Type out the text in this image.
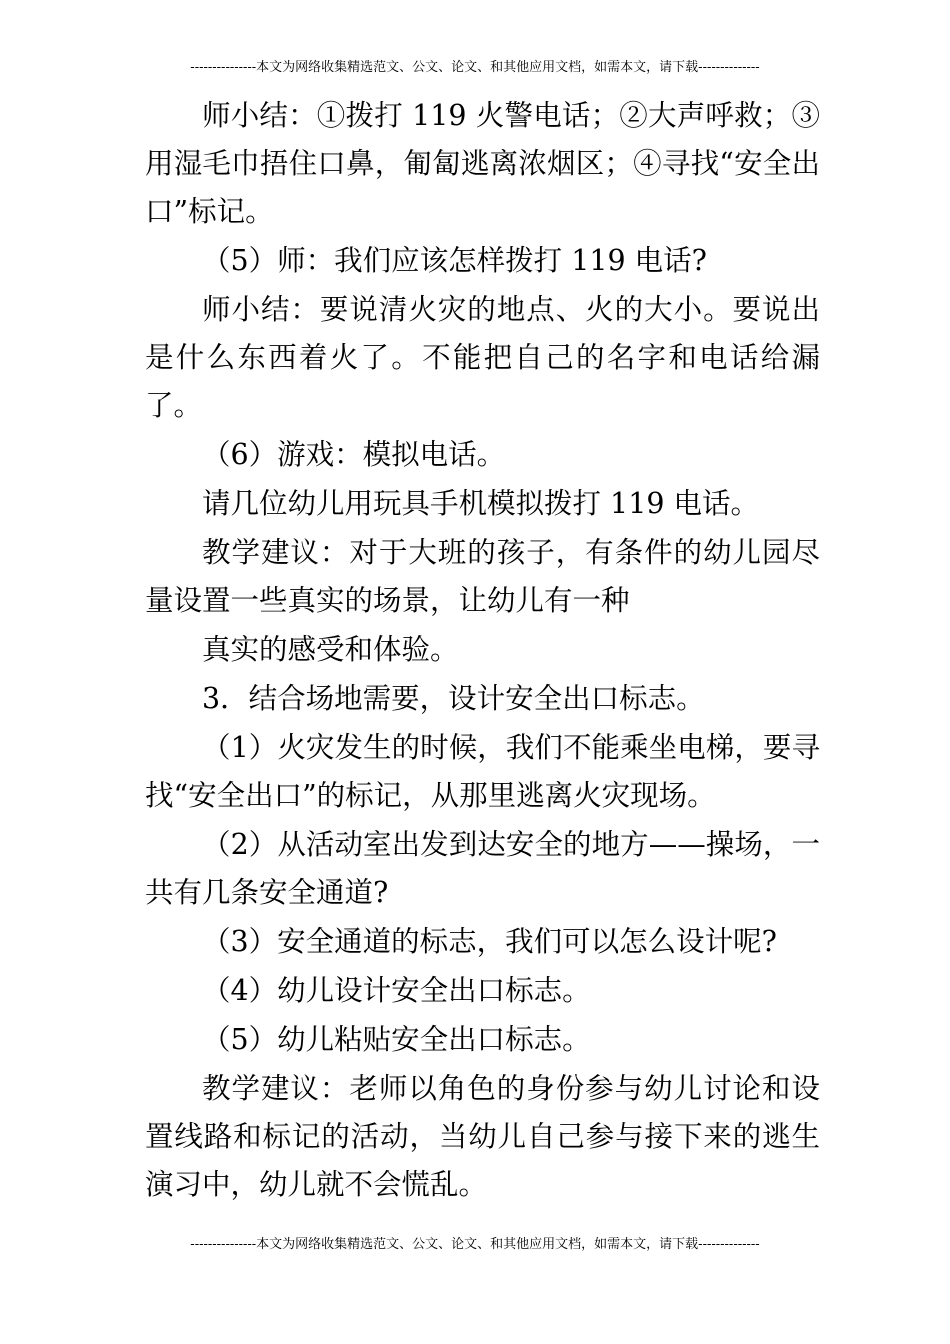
---------------本文为网络收集精选范文、公文、论文、和其他应用文档，如需本文，请下载--------------

师小结：①拨打 119 火警电话；②大声呼救；③用湿毛巾捂住口鼻，匍匐逃离浓烟区；④寻找“安全出口”标记。

（5）师：我们应该怎样拨打 119 电话?

师小结：要说清火灾的地点、火的大小。要说出是什么东西着火了。不能把自己的名字和电话给漏了。

（6）游戏：模拟电话。

请几位幼儿用玩具手机模拟拨打 119 电话。

教学建议：对于大班的孩子，有条件的幼儿园尽量设置一些真实的场景，让幼儿有一种

真实的感受和体验。

3．结合场地需要，设计安全出口标志。

（1）火灾发生的时候，我们不能乘坐电梯，要寻找“安全出口”的标记，从那里逃离火灾现场。

（2）从活动室出发到达安全的地方——操场，一共有几条安全通道?

（3）安全通道的标志，我们可以怎么设计呢?

（4）幼儿设计安全出口标志。

（5）幼儿粘贴安全出口标志。

教学建议：老师以角色的身份参与幼儿讨论和设置线路和标记的活动，当幼儿自己参与接下来的逃生演习中，幼儿就不会慌乱。

---------------本文为网络收集精选范文、公文、论文、和其他应用文档，如需本文，请下载--------------
